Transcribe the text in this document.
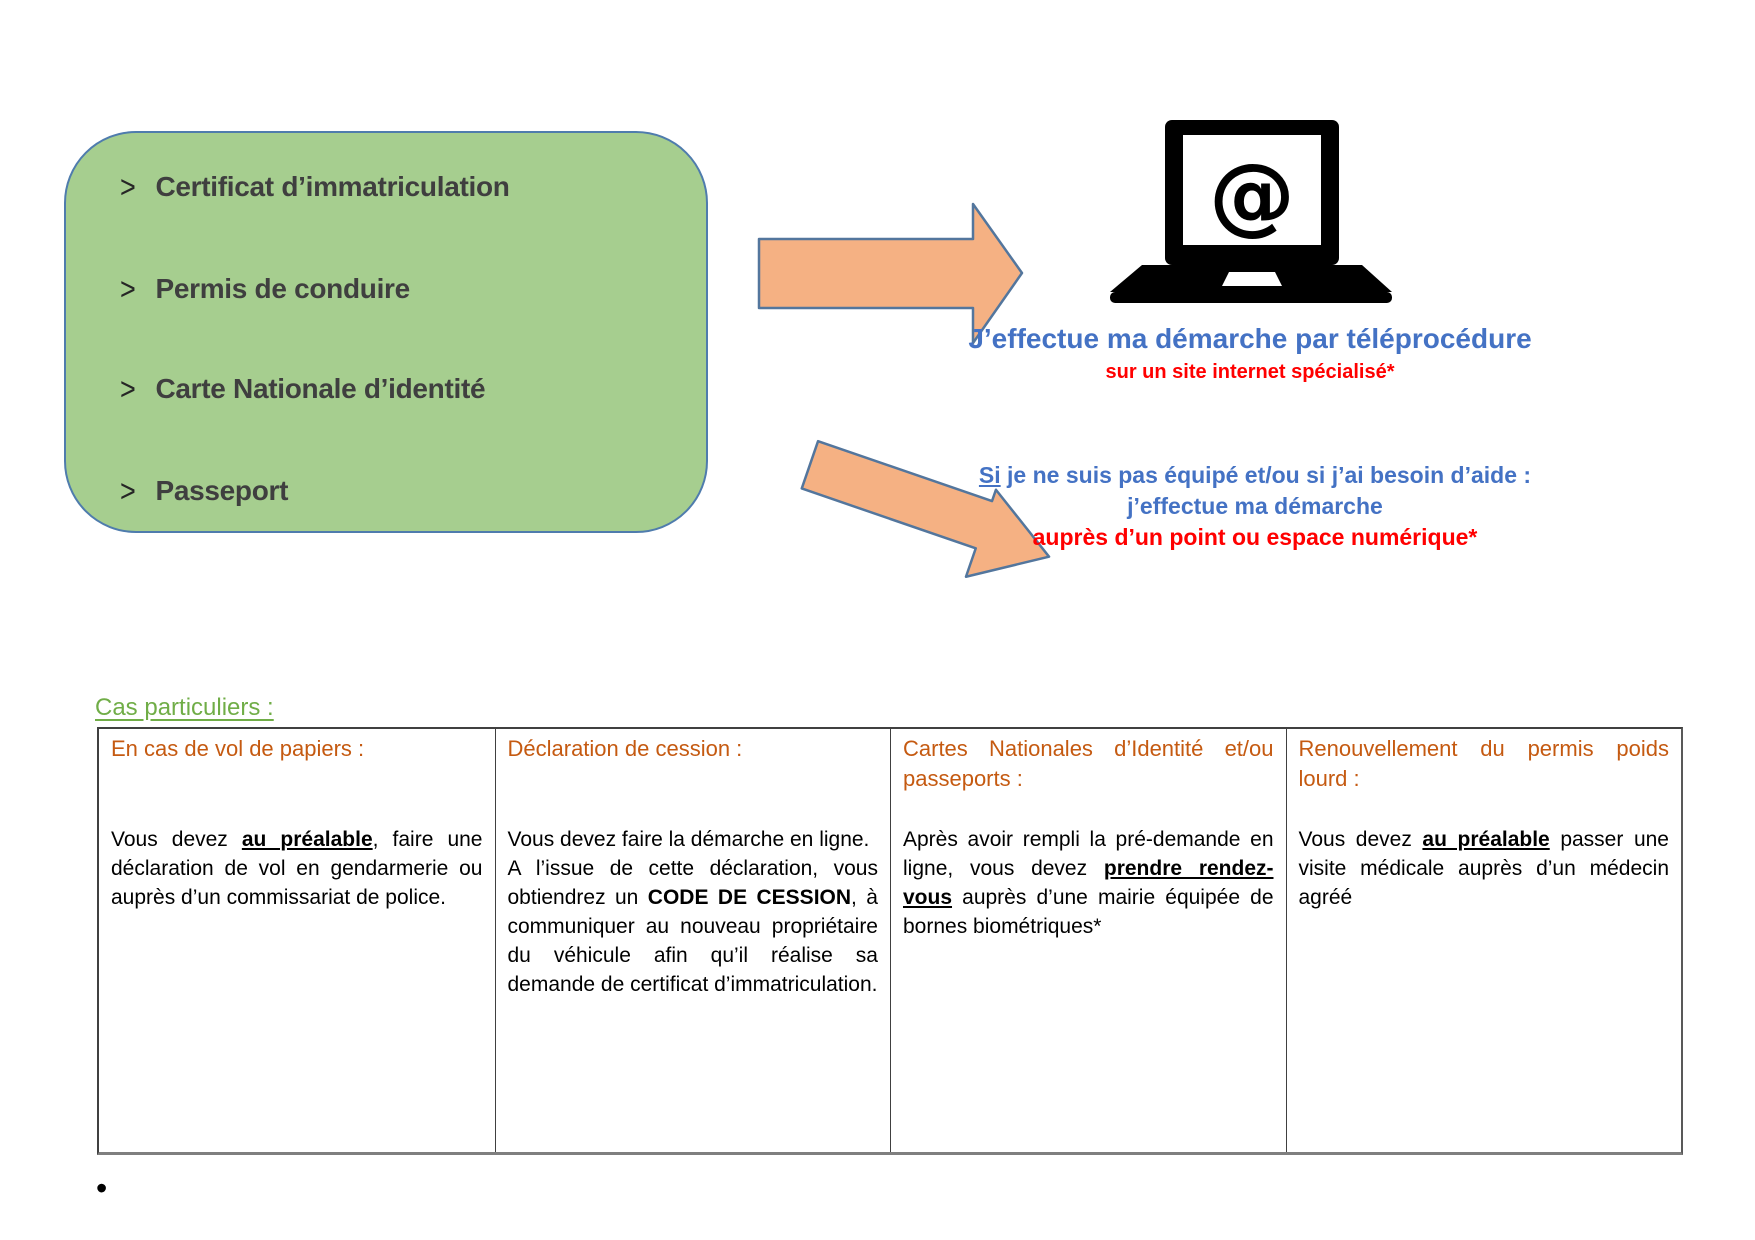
> Certificat d’immatriculation
> Permis de conduire
> Carte Nationale d’identité
> Passeport
@
J’effectue ma démarche par téléprocédure
sur un site internet spécialisé*
Si je ne suis pas équipé et/ou si j’ai besoin d’aide :
j’effectue ma démarche
auprès d’un point ou espace numérique*
Cas particuliers :
En cas de vol de papiers :

Vous devez au préalable, faire une déclaration de vol en gendarmerie ou auprès d’un commissariat de police.

Déclaration de cession :

Vous devez faire la démarche en ligne.

A l’issue de cette déclaration, vous obtiendrez un CODE DE CESSION, à communiquer au nouveau propriétaire du véhicule afin qu’il réalise sa demande de certificat d’immatriculation.

Cartes Nationales d’Identité et/ou passeports :

Après avoir rempli la pré-demande en ligne, vous devez prendre rendez-vous auprès d’une mairie équipée de bornes biométriques*

Renouvellement du permis poids lourd :

Vous devez au préalable passer une visite médicale auprès d’un médecin agréé

•
